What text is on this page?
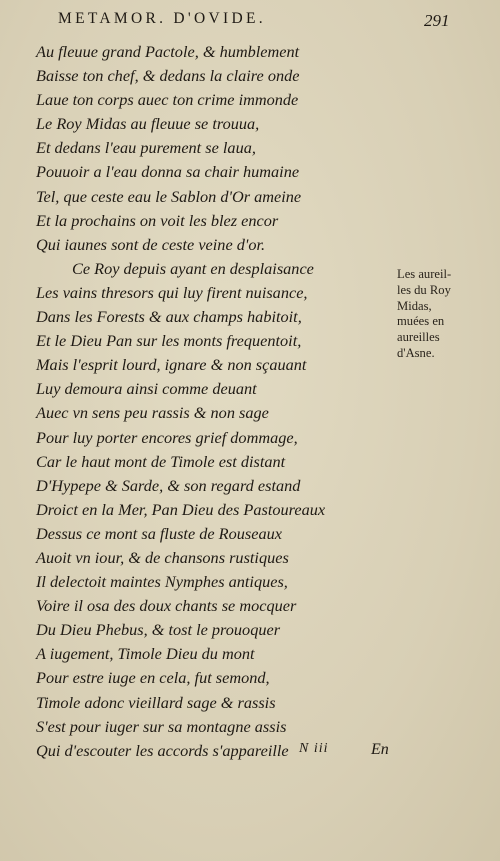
METAMOR. D'OVIDE.	291
Au fleuue grand Pactole, & humblement
Baisse ton chef, & dedans la claire onde
Laue ton corps auec ton crime immonde
Le Roy Midas au fleuue se trouua,
Et dedans l'eau purement se laua,
Pouuoir a l'eau donna sa chair humaine
Tel, que ceste eau le Sablon d'Or ameine
Et la prochains on voit les blez encor
Qui iaunes sont de ceste veine d'or.
Ce Roy depuis ayant en desplaisance
Les vains thresors qui luy firent nuisance,
Dans les Forests & aux champs habitoit,
Et le Dieu Pan sur les monts frequentoit,
Mais l'esprit lourd, ignare & non sçauant
Luy demoura ainsi comme deuant
Auec vn sens peu rassis & non sage
Pour luy porter encores grief dommage,
Car le haut mont de Timole est distant
D'Hypepe & Sarde, & son regard estand
Droict en la Mer, Pan Dieu des Pastoureaux
Dessus ce mont sa fluste de Rouseaux
Auoit vn iour, & de chansons rustiques
Il delectoit maintes Nymphes antiques,
Voire il osa des doux chants se mocquer
Du Dieu Phebus, & tost le prouoquer
A iugement, Timole Dieu du mont
Pour estre iuge en cela, fut semond,
Timole adonc vieillard sage & rassis
S'est pour iuger sur sa montagne assis
Qui d'escouter les accords s'appareille
Les aureil-
les du Roy
Midas,
muées en
aureilles
d'Asne.
N iii	En
